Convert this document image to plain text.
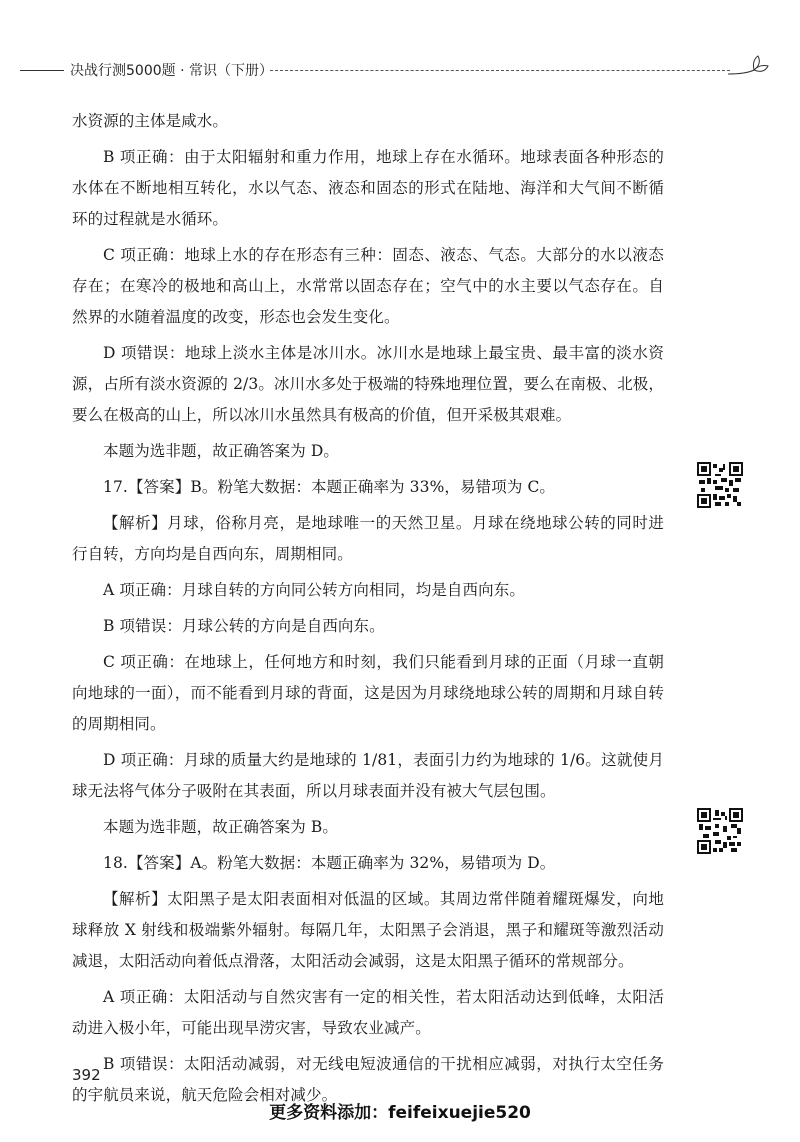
决战行测5000题 · 常识（下册）

水资源的主体是咸水。

B 项正确：由于太阳辐射和重力作用，地球上存在水循环。地球表面各种形态的水体在不断地相互转化，水以气态、液态和固态的形式在陆地、海洋和大气间不断循环的过程就是水循环。

C 项正确：地球上水的存在形态有三种：固态、液态、气态。大部分的水以液态存在；在寒冷的极地和高山上，水常常以固态存在；空气中的水主要以气态存在。自然界的水随着温度的改变，形态也会发生变化。

D 项错误：地球上淡水主体是冰川水。冰川水是地球上最宝贵、最丰富的淡水资源，占所有淡水资源的 2/3。冰川水多处于极端的特殊地理位置，要么在南极、北极，要么在极高的山上，所以冰川水虽然具有极高的价值，但开采极其艰难。

本题为选非题，故正确答案为 D。

17.【答案】B。粉笔大数据：本题正确率为 33%，易错项为 C。

【解析】月球，俗称月亮，是地球唯一的天然卫星。月球在绕地球公转的同时进行自转，方向均是自西向东，周期相同。

A 项正确：月球自转的方向同公转方向相同，均是自西向东。

B 项错误：月球公转的方向是自西向东。

C 项正确：在地球上，任何地方和时刻，我们只能看到月球的正面（月球一直朝向地球的一面），而不能看到月球的背面，这是因为月球绕地球公转的周期和月球自转的周期相同。

D 项正确：月球的质量大约是地球的 1/81，表面引力约为地球的 1/6。这就使月球无法将气体分子吸附在其表面，所以月球表面并没有被大气层包围。

本题为选非题，故正确答案为 B。

18.【答案】A。粉笔大数据：本题正确率为 32%，易错项为 D。

【解析】太阳黑子是太阳表面相对低温的区域。其周边常伴随着耀斑爆发，向地球释放 X 射线和极端紫外辐射。每隔几年，太阳黑子会消退，黑子和耀斑等激烈活动减退，太阳活动向着低点滑落，太阳活动会减弱，这是太阳黑子循环的常规部分。

A 项正确：太阳活动与自然灾害有一定的相关性，若太阳活动达到低峰，太阳活动进入极小年，可能出现旱涝灾害，导致农业减产。

B 项错误：太阳活动减弱，对无线电短波通信的干扰相应减弱，对执行太空任务的宇航员来说，航天危险会相对减少。

392
更多资料添加：feifeixuejie520
